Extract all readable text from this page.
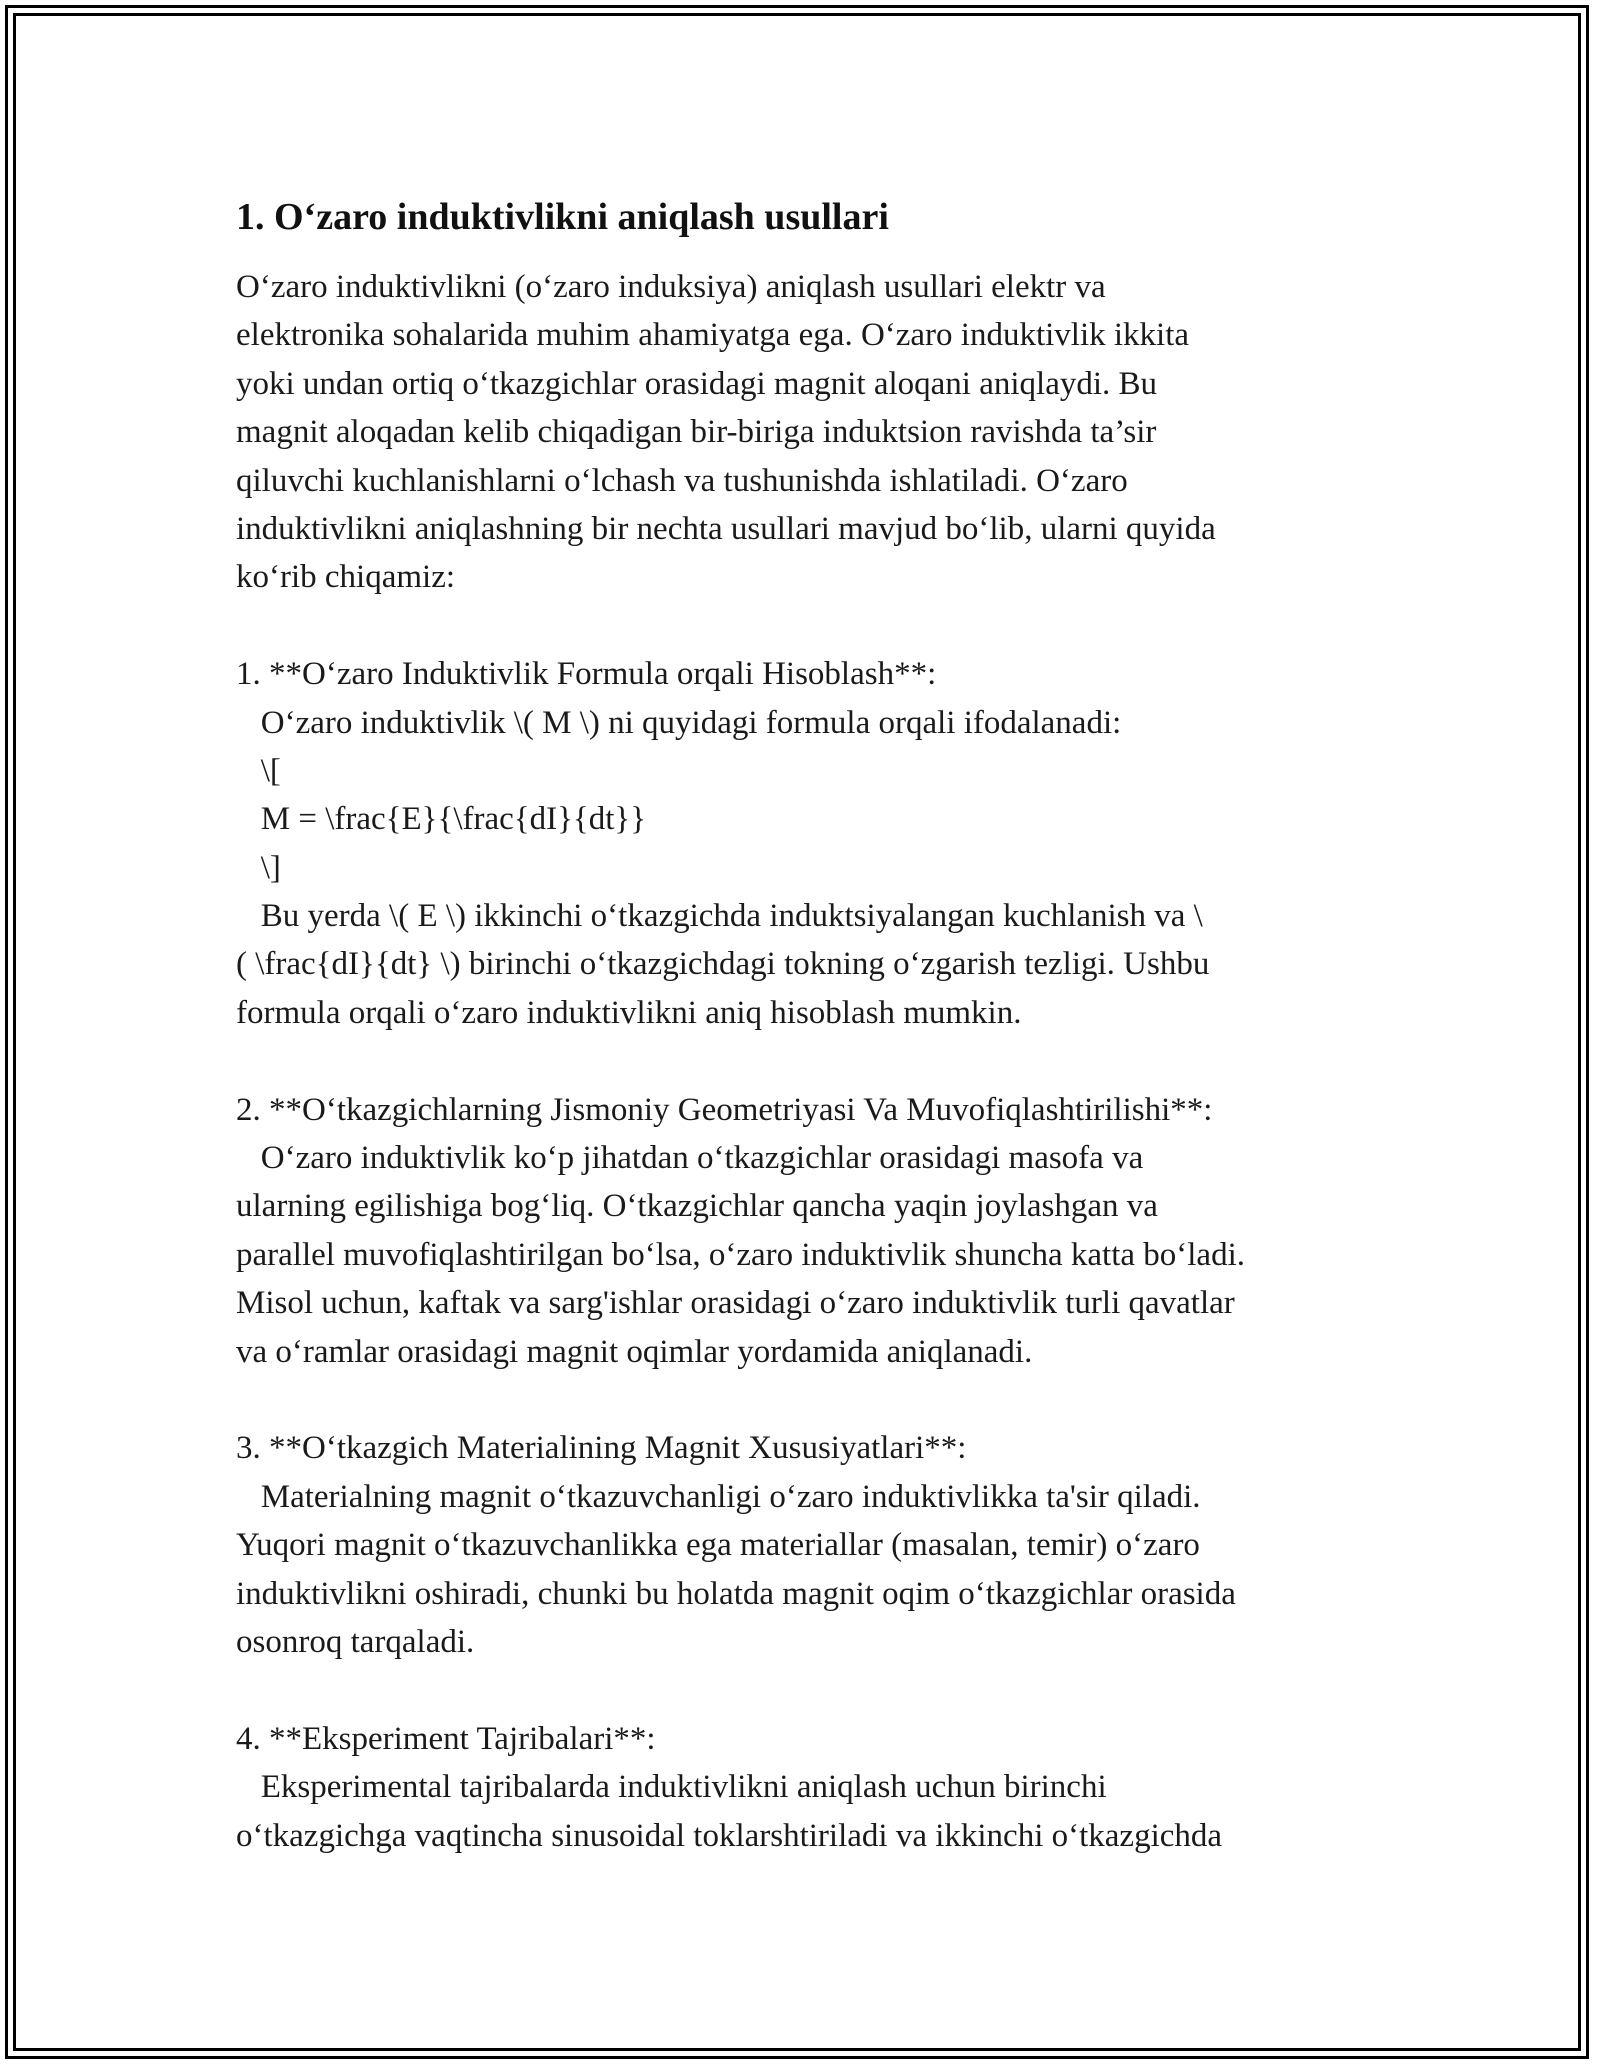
1. O‘zaro induktivlikni aniqlash usullari
O‘zaro induktivlikni (o‘zaro induksiya) aniqlash usullari elektr va
elektronika sohalarida muhim ahamiyatga ega. O‘zaro induktivlik ikkita
yoki undan ortiq o‘tkazgichlar orasidagi magnit aloqani aniqlaydi. Bu
magnit aloqadan kelib chiqadigan bir-biriga induktsion ravishda ta’sir
qiluvchi kuchlanishlarni o‘lchash va tushunishda ishlatiladi. O‘zaro
induktivlikni aniqlashning bir nechta usullari mavjud bo‘lib, ularni quyida
ko‘rib chiqamiz:
1. **O‘zaro Induktivlik Formula orqali Hisoblash**:
O‘zaro induktivlik \( M \) ni quyidagi formula orqali ifodalanadi:
\[
M = \frac{E}{\frac{dI}{dt}}
\]
Bu yerda \( E \) ikkinchi o‘tkazgichda induktsiyalangan kuchlanish va \
( \frac{dI}{dt} \) birinchi o‘tkazgichdagi tokning o‘zgarish tezligi. Ushbu
formula orqali o‘zaro induktivlikni aniq hisoblash mumkin.
2. **O‘tkazgichlarning Jismoniy Geometriyasi Va Muvofiqlashtirilishi**:
O‘zaro induktivlik ko‘p jihatdan o‘tkazgichlar orasidagi masofa va
ularning egilishiga bog‘liq. O‘tkazgichlar qancha yaqin joylashgan va
parallel muvofiqlashtirilgan bo‘lsa, o‘zaro induktivlik shuncha katta bo‘ladi.
Misol uchun, kaftak va sarg'ishlar orasidagi o‘zaro induktivlik turli qavatlar
va o‘ramlar orasidagi magnit oqimlar yordamida aniqlanadi.
3. **O‘tkazgich Materialining Magnit Xususiyatlari**:
Materialning magnit o‘tkazuvchanligi o‘zaro induktivlikka ta'sir qiladi.
Yuqori magnit o‘tkazuvchanlikka ega materiallar (masalan, temir) o‘zaro
induktivlikni oshiradi, chunki bu holatda magnit oqim o‘tkazgichlar orasida
osonroq tarqaladi.
4. **Eksperiment Tajribalari**:
Eksperimental tajribalarda induktivlikni aniqlash uchun birinchi
o‘tkazgichga vaqtincha sinusoidal toklarshtiriladi va ikkinchi o‘tkazgichda
